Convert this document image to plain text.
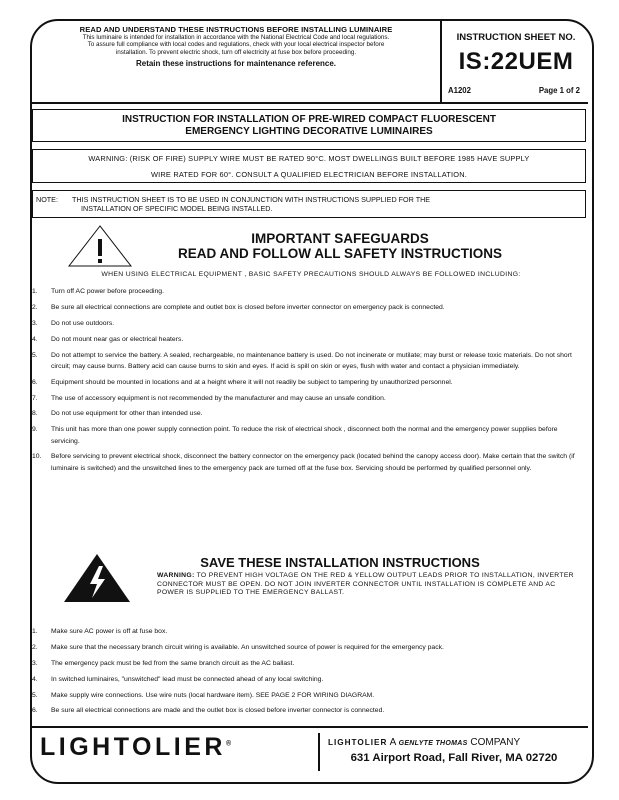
READ AND UNDERSTAND THESE INSTRUCTIONS BEFORE INSTALLING LUMINAIRE
This luminaire is intended for installation in accordance with the National Electrical Code and local regulations.
To assure full compliance with local codes and regulations, check with your local electrical inspector before
installation. To prevent electric shock, turn off electricity at fuse box before proceeding.
Retain these instructions for maintenance reference.
INSTRUCTION SHEET NO.
IS:22UEM
A1202	Page 1 of 2
INSTRUCTION FOR INSTALLATION OF PRE-WIRED COMPACT FLUORESCENT
EMERGENCY LIGHTING DECORATIVE LUMINAIRES
WARNING: (RISK OF FIRE) SUPPLY WIRE MUST BE RATED 90°C. MOST DWELLINGS BUILT BEFORE 1985 HAVE SUPPLY
WIRE RATED FOR 60°. CONSULT A QUALIFIED ELECTRICIAN BEFORE INSTALLATION.
NOTE:	THIS INSTRUCTION SHEET IS TO BE USED IN CONJUNCTION WITH INSTRUCTIONS SUPPLIED FOR THE
INSTALLATION OF SPECIFIC MODEL BEING INSTALLED.
IMPORTANT SAFEGUARDS
READ AND FOLLOW ALL SAFETY INSTRUCTIONS
WHEN USING ELECTRICAL EQUIPMENT , BASIC SAFETY PRECAUTIONS SHOULD ALWAYS BE FOLLOWED INCLUDING:
1. Turn off AC power before proceeding.
2. Be sure all electrical connections are complete and outlet box is closed before inverter connector on emergency pack is connected.
3. Do not use outdoors.
4. Do not mount near gas or electrical heaters.
5. Do not attempt to service the battery. A sealed, rechargeable, no maintenance battery is used. Do not incinerate or mutilate; may burst or release toxic materials. Do not short circuit; may cause burns. Battery acid can cause burns to skin and eyes. If acid is spill on skin or eyes, flush with water and contact a physician immediately.
6. Equipment should be mounted in locations and at a height where it will not readily be subject to tampering by unauthorized personnel.
7. The use of accessory equipment is not recommended by the manufacturer and may cause an unsafe condition.
8. Do not use equipment for other than intended use.
9. This unit has more than one power supply connection point. To reduce the risk of electrical shock , disconnect both the normal and the emergency power supplies before servicing.
10. Before servicing to prevent electrical shock, disconnect the battery connector on the emergency pack (located behind the canopy access door). Make certain that the switch (if luminaire is switched) and the unswitched lines to the emergency pack are turned off at the fuse box. Servicing should be performed by qualified personnel only.
SAVE THESE INSTALLATION INSTRUCTIONS
WARNING: TO PREVENT HIGH VOLTAGE ON THE RED & YELLOW OUTPUT LEADS PRIOR TO INSTALLATION, INVERTER CONNECTOR MUST BE OPEN. DO NOT JOIN INVERTER CONNECTOR UNTIL INSTALLATION IS COMPLETE AND AC POWER IS SUPPLIED TO THE EMERGENCY BALLAST.
1. Make sure AC power is off at fuse box.
2. Make sure that the necessary branch circuit wiring is available. An unswitched source of power is required for the emergency pack.
3. The emergency pack must be fed from the same branch circuit as the AC ballast.
4. In switched luminaires, "unswitched" lead must be connected ahead of any local switching.
5. Make supply wire connections. Use wire nuts (local hardware item). SEE PAGE 2 FOR WIRING DIAGRAM.
6. Be sure all electrical connections are made and the outlet box is closed before inverter connector is connected.
LIGHTOLIER®	LIGHTOLIER A GENLYTE THOMAS COMPANY
631 Airport Road, Fall River, MA 02720
